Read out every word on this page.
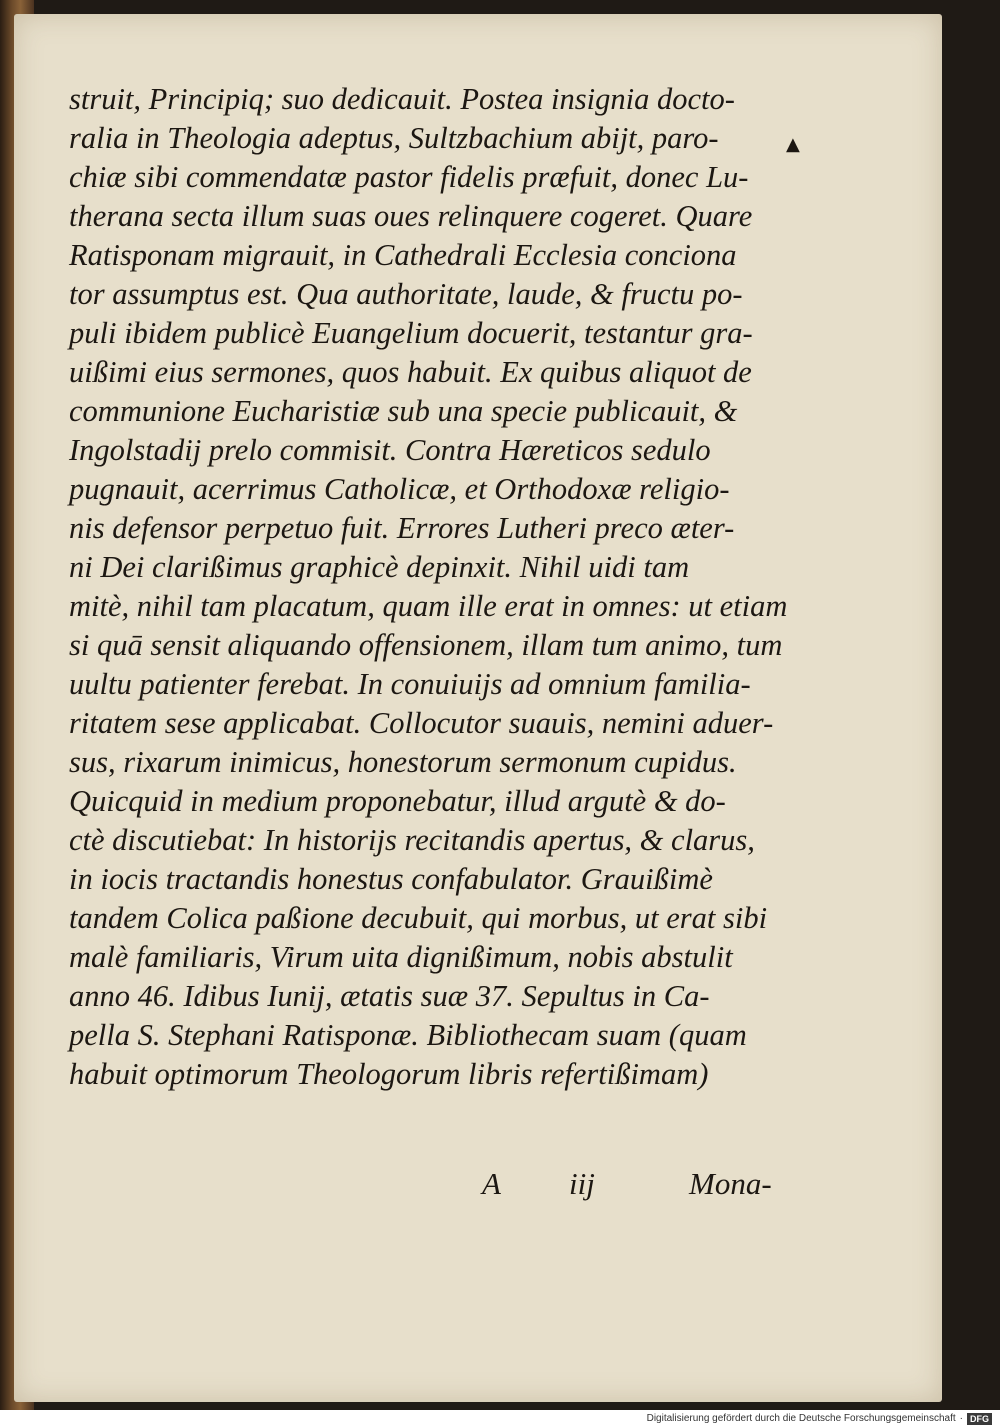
struit, Principiq; suo dedicauit. Postea insignia docto-
ralia in Theologia adeptus, Sultzbachium abijt, paro-
chiæ sibi commendatæ pastor fidelis præfuit, donec Lu-
therana secta illum suas oues relinquere cogeret. Quare
Ratisponam migrauit, in Cathedrali Ecclesia conciona
tor assumptus est. Qua authoritate, laude, & fructu po-
puli ibidem publicè Euangelium docuerit, testantur gra-
uißimi eius sermones, quos habuit. Ex quibus aliquot de
communione Eucharistiæ sub una specie publicauit, &
Ingolstadij prelo commisit. Contra Hæreticos sedulo
pugnauit, acerrimus Catholicæ, et Orthodoxæ religio-
nis defensor perpetuo fuit. Errores Lutheri preco æter-
ni Dei clarißimus graphicè depinxit. Nihil uidi tam
mitè, nihil tam placatum, quam ille erat in omnes: ut etiam
si quā sensit aliquando offensionem, illam tum animo, tum
uultu patienter ferebat. In conuiuijs ad omnium familia-
ritatem sese applicabat. Collocutor suauis, nemini aduer-
sus, rixarum inimicus, honestorum sermonum cupidus.
Quicquid in medium proponebatur, illud argutè & do-
ctè discutiebat: In historijs recitandis apertus, & clarus,
in iocis tractandis honestus confabulator. Grauißimè
tandem Colica paßione decubuit, qui morbus, ut erat sibi
malè familiaris, Virum uita dignißimum, nobis abstulit
anno 46. Idibus Iunij, ætatis suæ 37. Sepultus in Ca-
pella S. Stephani Ratisponæ. Bibliothecam suam (quam
habuit optimorum Theologorum libris refertißimam)
▲
A iij	Mona-
Digitalisierung gefördert durch die Deutsche Forschungsgemeinschaft · DFG
